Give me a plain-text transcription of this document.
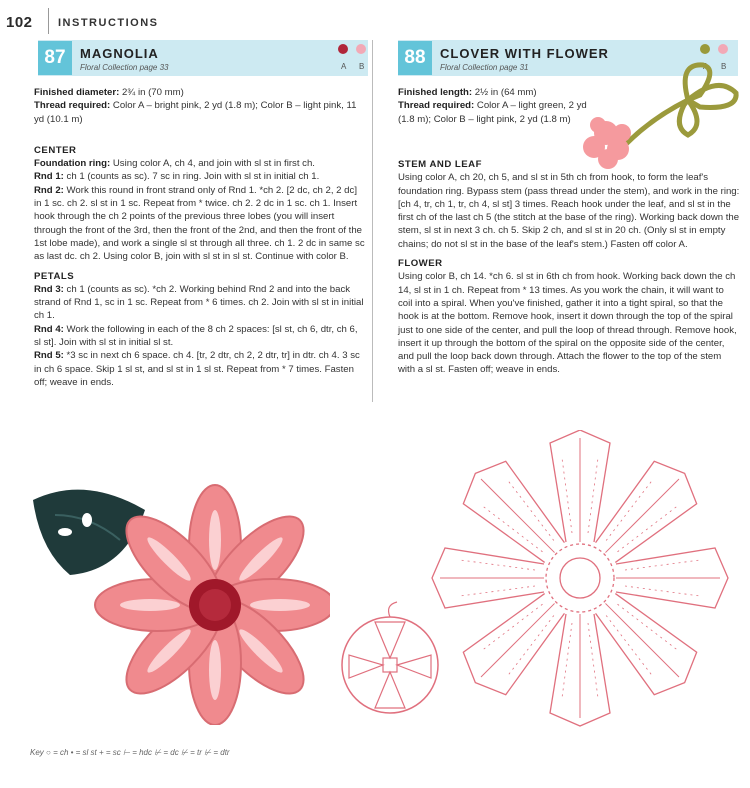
102 INSTRUCTIONS
87	MAGNOLIA
Floral Collection page 33	A B	88	CLOVER WITH FLOWER
Floral Collection page 31	A B

Finished diameter: 2¾ in (70 mm)

Thread required: Color A – bright pink, 2 yd (1.8 m); Color B – light pink, 11 yd (10.1 m)

CENTER

Foundation ring: Using color A, ch 4, and join with sl st in first ch.

Rnd 1: ch 1 (counts as sc). 7 sc in ring. Join with sl st in initial ch 1.

Rnd 2: Work this round in front strand only of Rnd 1. *ch 2. [2 dc, ch 2, 2 dc] in 1 sc. ch 2. sl st in 1 sc. Repeat from * twice. ch 2. 2 dc in 1 sc. ch 1. Insert hook through the ch 2 points of the previous three lobes (you will insert through the front of the 3rd, then the front of the 2nd, and then the front of the 1st lobe made), and work a single sl st through all three. ch 1. 2 dc in same sc as last dc. ch 2. Using color B, join with sl st in sl st. Continue with color B.

PETALS

Rnd 3: ch 1 (counts as sc). *ch 2. Working behind Rnd 2 and into the back strand of Rnd 1, sc in 1 sc. Repeat from * 6 times. ch 2. Join with sl st in initial ch 1.

Rnd 4: Work the following in each of the 8 ch 2 spaces: [sl st, ch 6, dtr, ch 6, sl st]. Join with sl st in initial sl st.

Rnd 5: *3 sc in next ch 6 space. ch 4. [tr, 2 dtr, ch 2, 2 dtr, tr] in dtr. ch 4. 3 sc in ch 6 space. Skip 1 sl st, and sl st in 1 sl st. Repeat from * 7 times. Fasten off; weave in ends.

Finished length: 2½ in (64 mm)

Thread required: Color A – light green, 2 yd (1.8 m); Color B – light pink, 2 yd (1.8 m)

STEM AND LEAF

Using color A, ch 20, ch 5, and sl st in 5th ch from hook, to form the leaf's foundation ring. Bypass stem (pass thread under the stem), and work in the ring: [ch 4, tr, ch 1, tr, ch 4, sl st] 3 times. Reach hook under the leaf, and sl st in the first ch of the last ch 5 (the stitch at the base of the ring). Working back down the stem, sl st in next 3 ch. ch 5. Skip 2 ch, and sl st in 20 ch. (Only sl st in empty chains; do not sl st in the base of the leaf's stem.) Fasten off color A.

FLOWER

Using color B, ch 14. *ch 6. sl st in 6th ch from hook. Working back down the ch 14, sl st in 1 ch. Repeat from * 13 times. As you work the chain, it will want to coil into a spiral. When you've finished, gather it into a tight spiral, so that the hook is at the bottom. Remove hook, insert it down through the top of the spiral just to one side of the center, and pull the loop of thread through. Remove hook, insert it up through the bottom of the spiral on the opposite side of the center, and pull the loop back down through. Attach the flower to the top of the stem with a sl st. Fasten off; weave in ends.

Key ○ = ch • = sl st + = sc ⊢ = hdc ⊬ = dc ⊬ = tr ⊬ = dtr
